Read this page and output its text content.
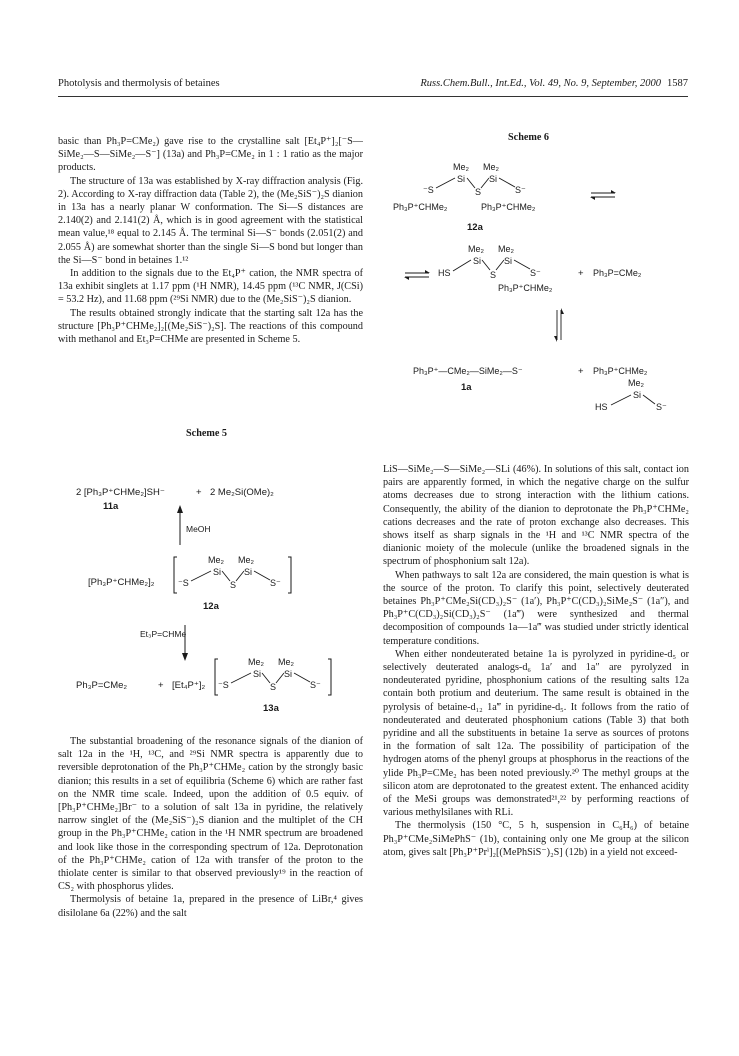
Photolysis and thermolysis of betaines	Russ.Chem.Bull., Int.Ed., Vol. 49, No. 9, September, 2000 1587

basic than Ph₃P=CMe₂) gave rise to the crystalline salt [Et₄P⁺]₂[⁻S—SiMe₂—S—SiMe₂—S⁻] (13a) and Ph₃P=CMe₂ in 1 : 1 ratio as the major products.

The structure of 13a was established by X-ray diffraction analysis (Fig. 2). According to X-ray diffraction data (Table 2), the (Me₂SiS⁻)₂S dianion in 13a has a nearly planar W conformation. The Si—S distances are 2.140(2) and 2.141(2) Å, which is in good agreement with the statistical mean value,¹⁸ equal to 2.145 Å. The terminal Si—S⁻ bonds (2.051(2) and 2.055 Å) are somewhat shorter than the single Si—S bond but longer than the Si—S⁻ bond in betaines 1.¹²

In addition to the signals due to the Et₄P⁺ cation, the NMR spectra of 13a exhibit singlets at 1.17 ppm (¹H NMR), 14.45 ppm (¹³C NMR, J(CSi) = 53.2 Hz), and 11.68 ppm (²⁹Si NMR) due to the (Me₂SiS⁻)₂S dianion.

The results obtained strongly indicate that the starting salt 12a has the structure [Ph₃P⁺CHMe₂]₂[(Me₂SiS⁻)₂S]. The reactions of this compound with methanol and Et₃P=CHMe are presented in Scheme 5.

Scheme 5
2 [Ph₃P⁺CHMe₂]SH⁻	+ 2 Me₂Si(OMe)₂
11a
MeOH
[Ph₃P⁺CHMe₂]₂
Me₂ Me₂
Si	Si
⁻S	S	S⁻
12a
Et₃P=CHMe
Ph₃P=CMe₂	+ [Et₄P⁺]₂
Me₂ Me₂
Si	Si
⁻S	S	S⁻
13a

The substantial broadening of the resonance signals of the dianion of salt 12a in the ¹H, ¹³C, and ²⁹Si NMR spectra is apparently due to reversible deprotonation of the Ph₃P⁺CHMe₂ cation by the strongly basic dianion; this results in a set of equilibria (Scheme 6) which are rather fast on the NMR time scale. Indeed, upon the addition of 0.5 equiv. of [Ph₃P⁺CHMe₂]Br⁻ to a solution of salt 13a in pyridine, the relatively narrow singlet of the (Me₂SiS⁻)₂S dianion and the multiplet of the CH group in the Ph₃P⁺CHMe₂ cation in the ¹H NMR spectrum are broadened and look like those in the corresponding spectrum of 12a. Deprotonation of the Ph₃P⁺CHMe₂ cation of 12a with transfer of the proton to the thiolate center is similar to that observed previously¹⁹ in the reaction of CS₂ with phosphorus ylides.

Thermolysis of betaine 1a, prepared in the presence of LiBr,⁴ gives disilolane 6a (22%) and the salt

Scheme 6
Me₂ Me₂
Si	Si
⁻S	S	S⁻
Ph₃P⁺CHMe₂	Ph₃P⁺CHMe₂
12a
Me₂ Me₂
Si	Si
HS	S	S⁻
Ph₃P⁺CHMe₂
+ Ph₃P=CMe₂
Ph₃P⁺—CMe₂—SiMe₂—S⁻
1a
+ Ph₃P⁺CHMe₂
Me₂
Si
HS	S⁻

LiS—SiMe₂—S—SiMe₂—SLi (46%). In solutions of this salt, contact ion pairs are apparently formed, in which the negative charge on the sulfur atoms decreases due to strong interaction with the lithium cations. Consequently, the ability of the dianion to deprotonate the Ph₃P⁺CHMe₂ cations decreases and the rate of proton exchange also decreases. This shows itself as sharp signals in the ¹H and ¹³C NMR spectra of the dianionic moiety of the molecule (unlike the broadened signals in the spectrum of phosphonium salt 12a).

When pathways to salt 12a are considered, the main question is what is the source of the proton. To clarify this point, selectively deuterated betaines Ph₃P⁺CMe₂Si(CD₃)₂S⁻ (1a′), Ph₃P⁺C(CD₃)₂SiMe₂S⁻ (1a″), and Ph₃P⁺C(CD₃)₂Si(CD₃)₂S⁻ (1a‴) were synthesized and thermal decomposition of compounds 1a—1a‴ was studied under strictly identical temperature conditions.

When either nondeuterated betaine 1a is pyrolyzed in pyridine-d₅ or selectively deuterated analogs-d₆ 1a′ and 1a″ are pyrolyzed in nondeuterated pyridine, phosphonium cations of the resulting salts 12a contain both protium and deuterium. The same result is obtained in the pyrolysis of betaine-d₁₂ 1a‴ in pyridine-d₅. It follows from the ratio of nondeuterated and deuterated phosphonium cations (Table 3) that both pyridine and all the substituents in betaine 1a serve as sources of protons in the formation of salt 12a. The possibility of participation of the hydrogen atoms of the phenyl groups at phosphorus in the reactions of the ylide Ph₃P=CMe₂ has been noted previously.²⁰ The methyl groups at the silicon atom are deprotonated to the greatest extent. The enhanced acidity of the MeSi groups was demonstrated²¹,²² by performing reactions of various methylsilanes with RLi.

The thermolysis (150 °C, 5 h, suspension in C₆H₆) of betaine Ph₃P⁺CMe₂SiMePhS⁻ (1b), containing only one Me group at the silicon atom, gives salt [Ph₃P⁺Prⁱ]₂[(MePhSiS⁻)₂S] (12b) in a yield not exceed-
